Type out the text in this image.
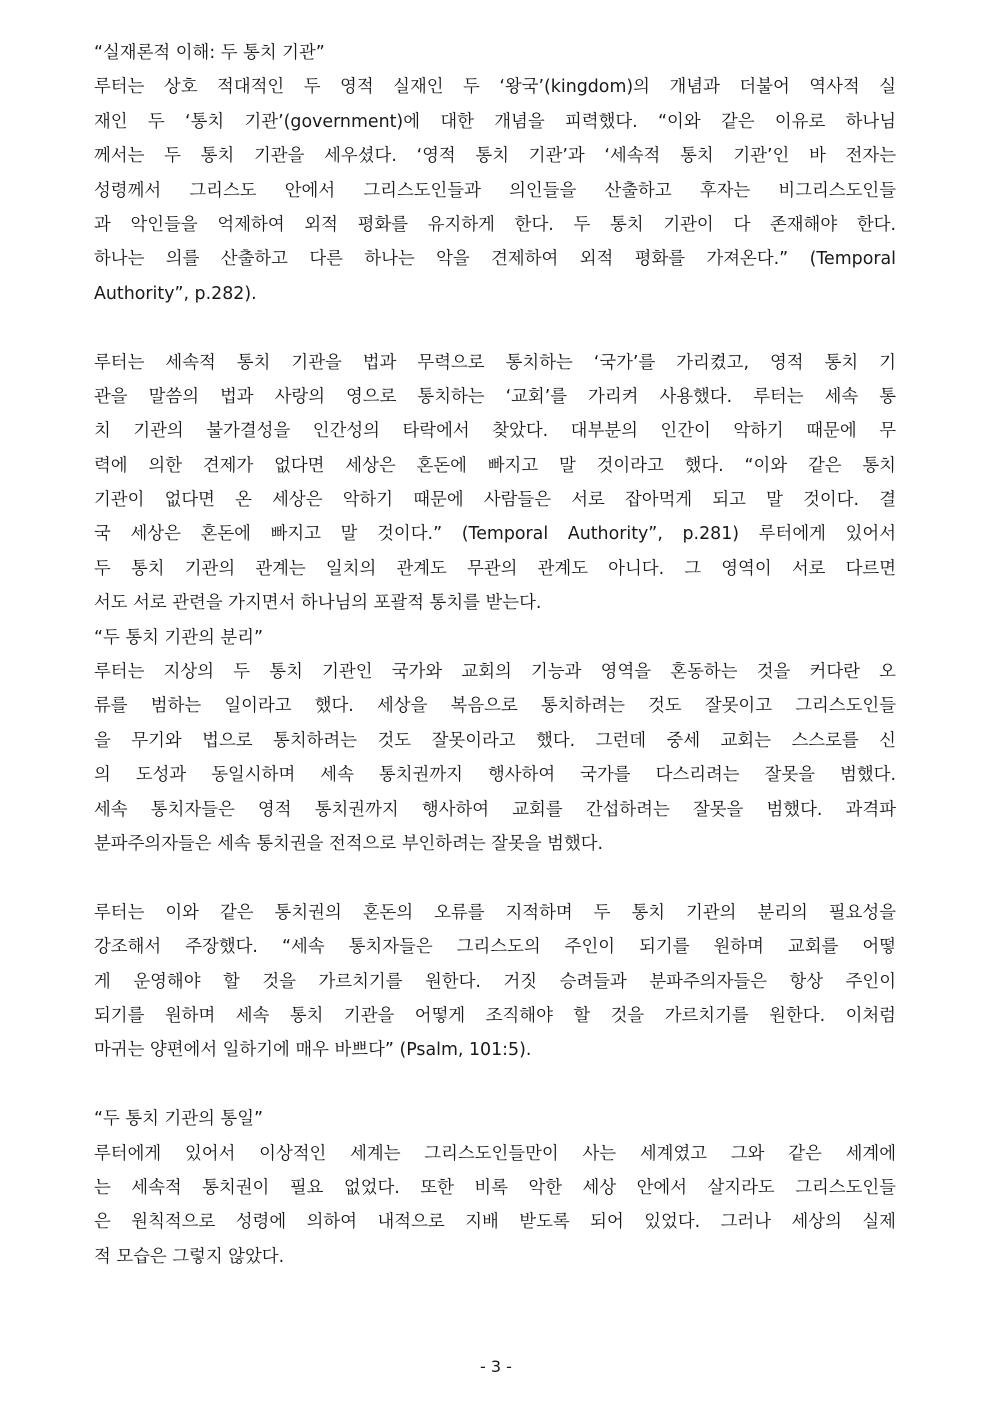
“실재론적 이해: 두 통치 기관”
루터는 상호 적대적인 두 영적 실재인 두 ‘왕국’(kingdom)의 개념과 더불어 역사적 실
재인 두 ‘통치 기관’(government)에 대한 개념을 피력했다. “이와 같은 이유로 하나님
께서는 두 통치 기관을 세우셨다. ‘영적 통치 기관’과 ‘세속적 통치 기관’인 바 전자는
성령께서 그리스도 안에서 그리스도인들과 의인들을 산출하고 후자는 비그리스도인들
과 악인들을 억제하여 외적 평화를 유지하게 한다. 두 통치 기관이 다 존재해야 한다.
하나는 의를 산출하고 다른 하나는 악을 견제하여 외적 평화를 가져온다.” (Temporal
Authority”, p.282).
루터는 세속적 통치 기관을 법과 무력으로 통치하는 ‘국가’를 가리켰고, 영적 통치 기
관을 말씀의 법과 사랑의 영으로 통치하는 ‘교회’를 가리켜 사용했다. 루터는 세속 통
치 기관의 불가결성을 인간성의 타락에서 찾았다. 대부분의 인간이 악하기 때문에 무
력에 의한 견제가 없다면 세상은 혼돈에 빠지고 말 것이라고 했다. “이와 같은 통치
기관이 없다면 온 세상은 악하기 때문에 사람들은 서로 잡아먹게 되고 말 것이다. 결
국 세상은 혼돈에 빠지고 말 것이다.” (Temporal Authority”, p.281) 루터에게 있어서
두 통치 기관의 관계는 일치의 관계도 무관의 관계도 아니다. 그 영역이 서로 다르면
서도 서로 관련을 가지면서 하나님의 포괄적 통치를 받는다.
“두 통치 기관의 분리”
루터는 지상의 두 통치 기관인 국가와 교회의 기능과 영역을 혼동하는 것을 커다란 오
류를 범하는 일이라고 했다. 세상을 복음으로 통치하려는 것도 잘못이고 그리스도인들
을 무기와 법으로 통치하려는 것도 잘못이라고 했다. 그런데 중세 교회는 스스로를 신
의 도성과 동일시하며 세속 통치권까지 행사하여 국가를 다스리려는 잘못을 범했다.
세속 통치자들은 영적 통치권까지 행사하여 교회를 간섭하려는 잘못을 범했다. 과격파
분파주의자들은 세속 통치권을 전적으로 부인하려는 잘못을 범했다.
루터는 이와 같은 통치권의 혼돈의 오류를 지적하며 두 통치 기관의 분리의 필요성을
강조해서 주장했다. “세속 통치자들은 그리스도의 주인이 되기를 원하며 교회를 어떻
게 운영해야 할 것을 가르치기를 원한다. 거짓 승려들과 분파주의자들은 항상 주인이
되기를 원하며 세속 통치 기관을 어떻게 조직해야 할 것을 가르치기를 원한다. 이처럼
마귀는 양편에서 일하기에 매우 바쁘다” (Psalm, 101:5).
“두 통치 기관의 통일”
루터에게 있어서 이상적인 세계는 그리스도인들만이 사는 세계였고 그와 같은 세계에
는 세속적 통치권이 필요 없었다. 또한 비록 악한 세상 안에서 살지라도 그리스도인들
은 원칙적으로 성령에 의하여 내적으로 지배 받도록 되어 있었다. 그러나 세상의 실제
적 모습은 그렇지 않았다.
- 3 -
